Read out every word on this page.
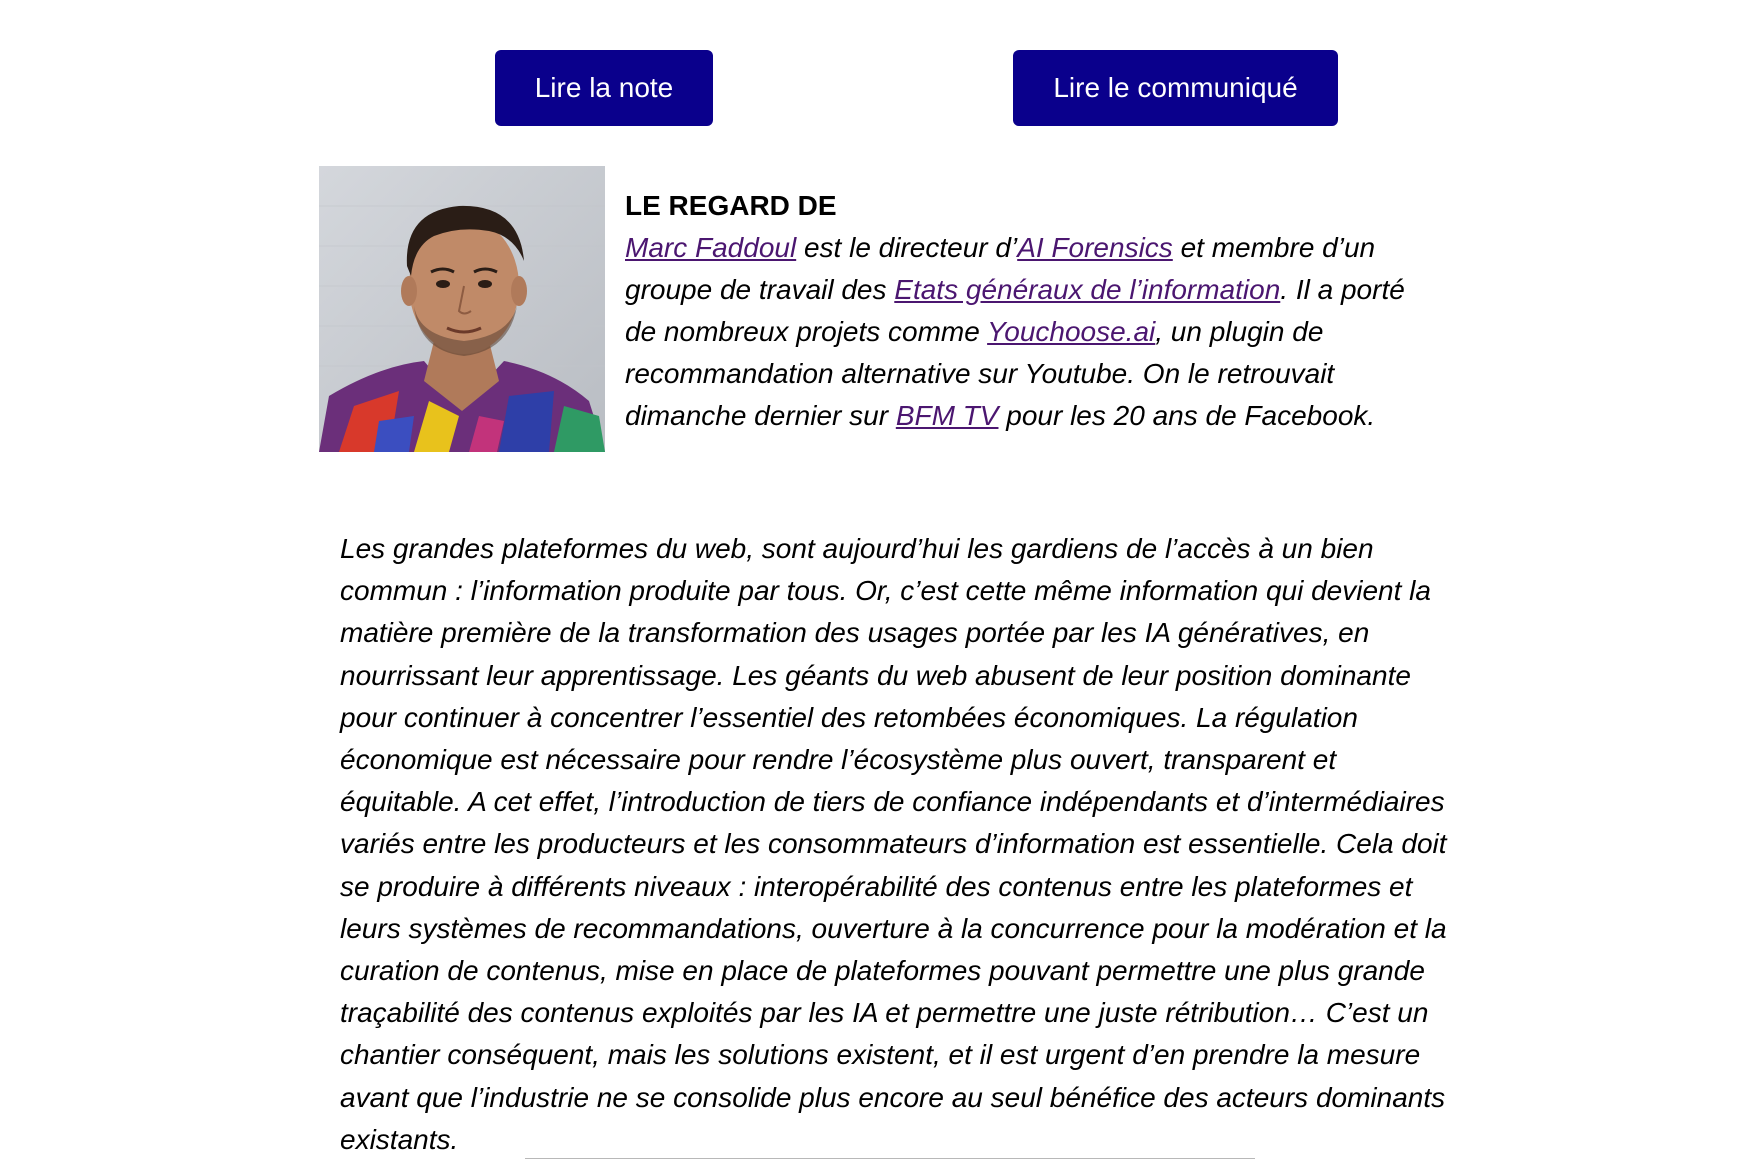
Lire la note	Lire le communiqué
LE REGARD DE
Marc Faddoul est le directeur d’AI Forensics et membre d’un groupe de travail des Etats généraux de l’information. Il a porté de nombreux projets comme Youchoose.ai, un plugin de recommandation alternative sur Youtube. On le retrouvait dimanche dernier sur BFM TV pour les 20 ans de Facebook.

Les grandes plateformes du web, sont aujourd’hui les gardiens de l’accès à un bien commun : l’information produite par tous. Or, c’est cette même information qui devient la matière première de la transformation des usages portée par les IA génératives, en nourrissant leur apprentissage. Les géants du web abusent de leur position dominante pour continuer à concentrer l’essentiel des retombées économiques. La régulation économique est nécessaire pour rendre l’écosystème plus ouvert, transparent et équitable. A cet effet, l’introduction de tiers de confiance indépendants et d’intermédiaires variés entre les producteurs et les consommateurs d’information est essentielle. Cela doit se produire à différents niveaux : interopérabilité des contenus entre les plateformes et leurs systèmes de recommandations, ouverture à la concurrence pour la modération et la curation de contenus, mise en place de plateformes pouvant permettre une plus grande traçabilité des contenus exploités par les IA et permettre une juste rétribution… C’est un chantier conséquent, mais les solutions existent, et il est urgent d’en prendre la mesure avant que l’industrie ne se consolide plus encore au seul bénéfice des acteurs dominants existants.
